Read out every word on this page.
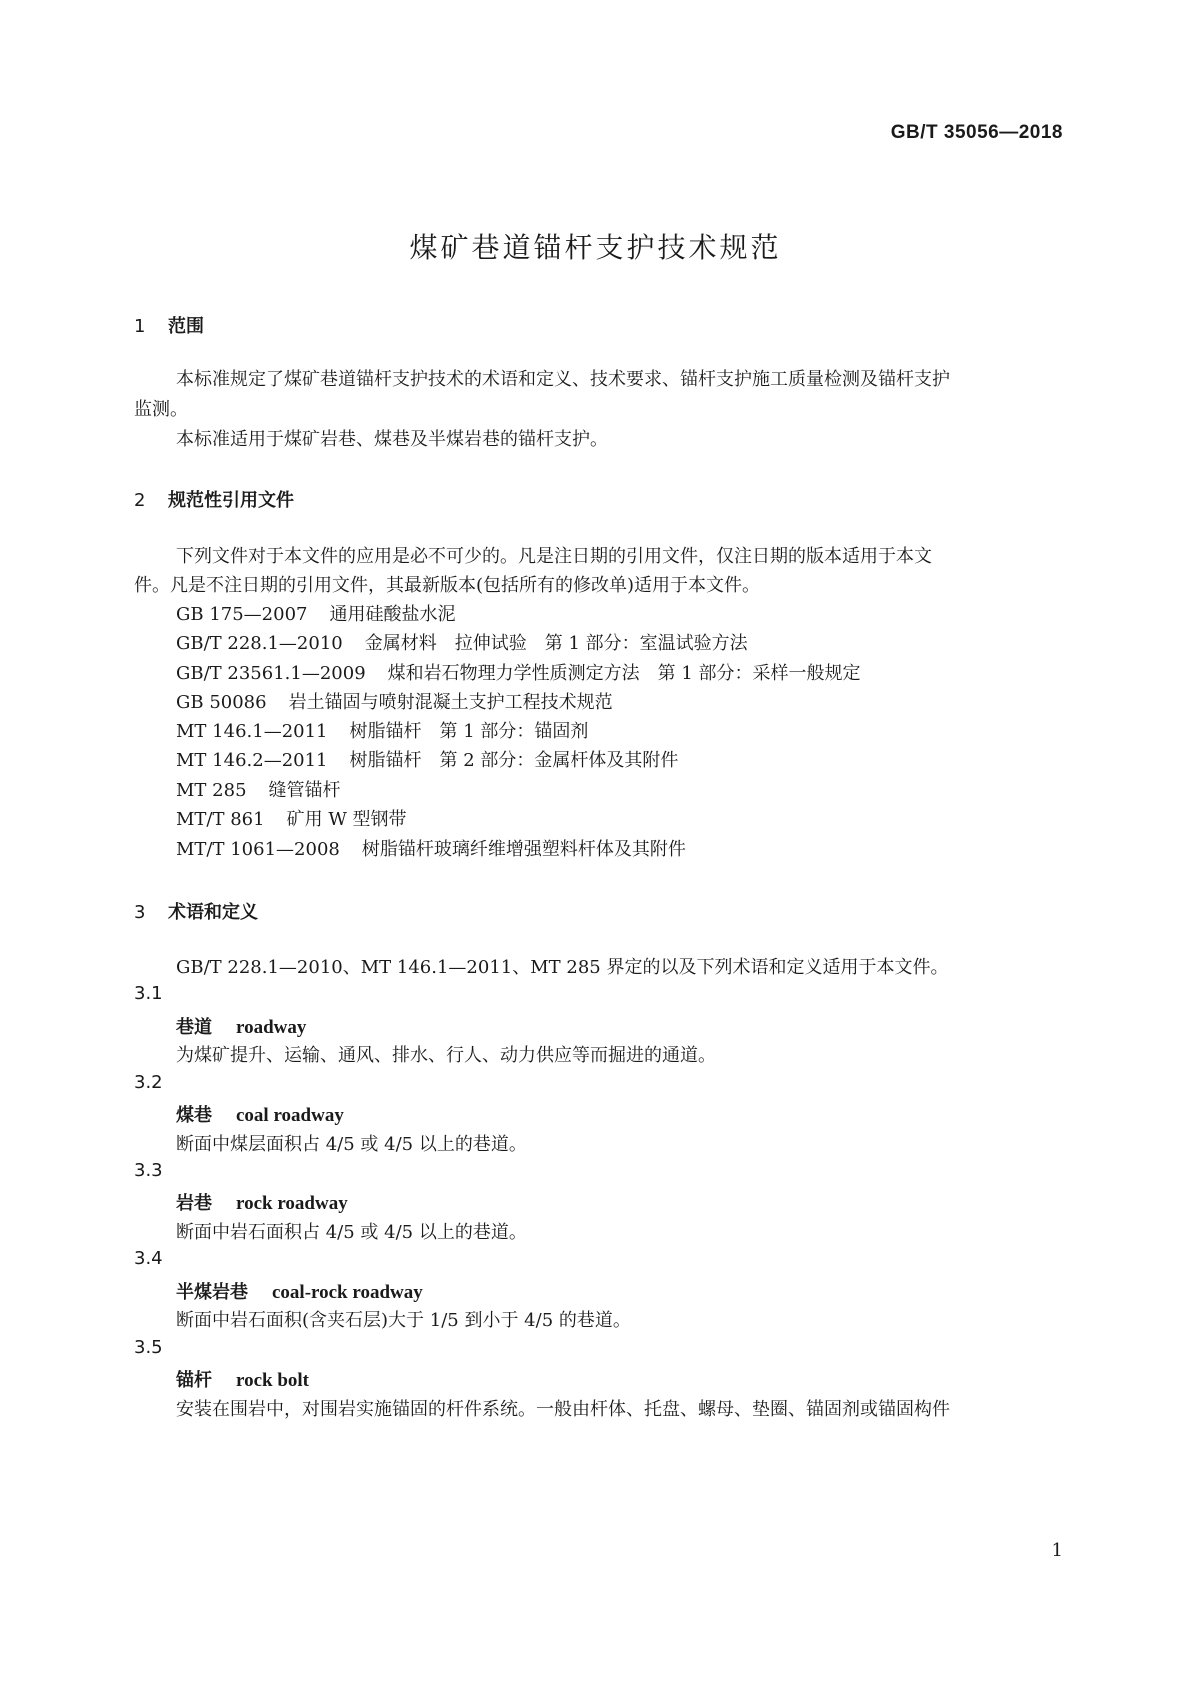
GB/T 35056—2018
煤矿巷道锚杆支护技术规范
1 范围
本标准规定了煤矿巷道锚杆支护技术的术语和定义、技术要求、锚杆支护施工质量检测及锚杆支护
监测。
本标准适用于煤矿岩巷、煤巷及半煤岩巷的锚杆支护。
2 规范性引用文件
下列文件对于本文件的应用是必不可少的。凡是注日期的引用文件，仅注日期的版本适用于本文
件。凡是不注日期的引用文件，其最新版本(包括所有的修改单)适用于本文件。
GB 175—2007 通用硅酸盐水泥
GB/T 228.1—2010 金属材料　拉伸试验　第 1 部分：室温试验方法
GB/T 23561.1—2009 煤和岩石物理力学性质测定方法　第 1 部分：采样一般规定
GB 50086 岩土锚固与喷射混凝土支护工程技术规范
MT 146.1—2011 树脂锚杆　第 1 部分：锚固剂
MT 146.2—2011 树脂锚杆　第 2 部分：金属杆体及其附件
MT 285 缝管锚杆
MT/T 861 矿用 W 型钢带
MT/T 1061—2008 树脂锚杆玻璃纤维增强塑料杆体及其附件
3 术语和定义
GB/T 228.1—2010、MT 146.1—2011、MT 285 界定的以及下列术语和定义适用于本文件。
3.1
巷道 roadway
为煤矿提升、运输、通风、排水、行人、动力供应等而掘进的通道。
3.2
煤巷 coal roadway
断面中煤层面积占 4/5 或 4/5 以上的巷道。
3.3
岩巷 rock roadway
断面中岩石面积占 4/5 或 4/5 以上的巷道。
3.4
半煤岩巷 coal-rock roadway
断面中岩石面积(含夹石层)大于 1/5 到小于 4/5 的巷道。
3.5
锚杆 rock bolt
安装在围岩中，对围岩实施锚固的杆件系统。一般由杆体、托盘、螺母、垫圈、锚固剂或锚固构件
1
